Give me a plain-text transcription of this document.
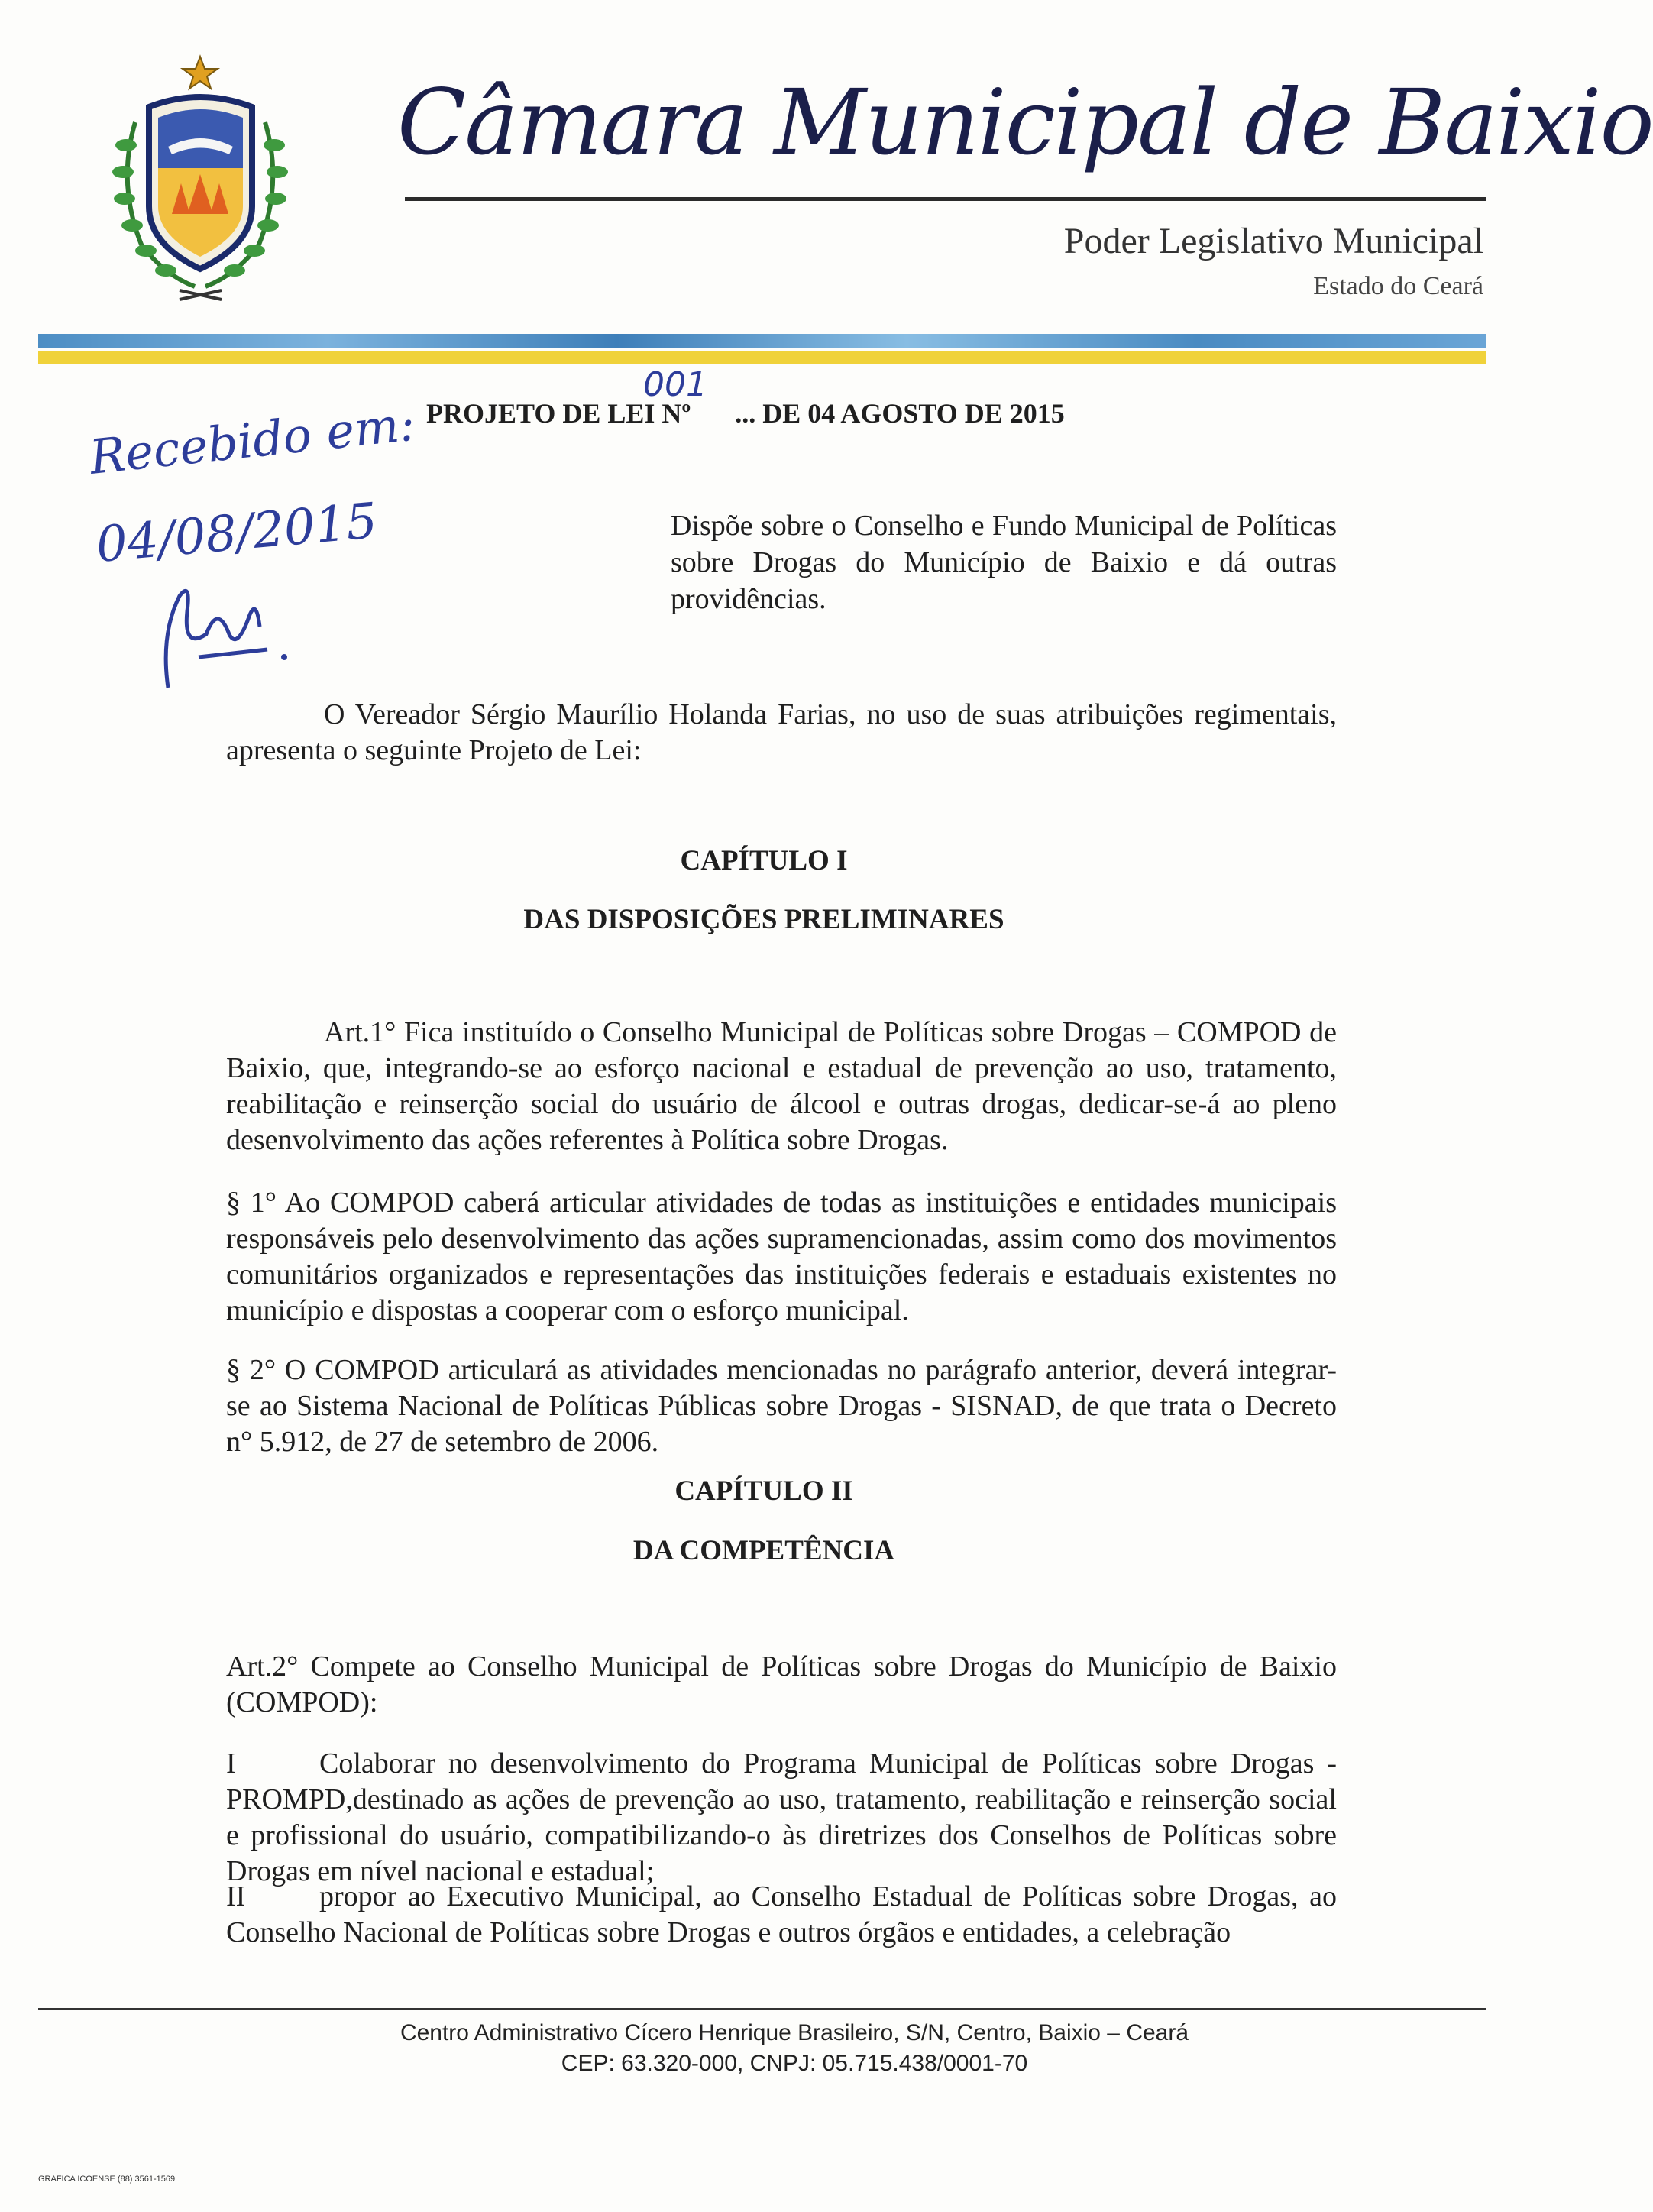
Câmara Municipal de Baixio
Poder Legislativo Municipal
Estado do Ceará
PROJETO DE LEI Nº ... DE 04 AGOSTO DE 2015
001
Recebido em:
04/08/2015	Dispõe sobre o Conselho e Fundo Municipal de Políticas sobre Drogas do Município de Baixio e dá outras providências.
O Vereador Sérgio Maurílio Holanda Farias, no uso de suas atribuições regimentais, apresenta o seguinte Projeto de Lei:
CAPÍTULO I
DAS DISPOSIÇÕES PRELIMINARES
Art.1° Fica instituído o Conselho Municipal de Políticas sobre Drogas – COMPOD de Baixio, que, integrando-se ao esforço nacional e estadual de prevenção ao uso, tratamento, reabilitação e reinserção social do usuário de álcool e outras drogas, dedicar-se-á ao pleno desenvolvimento das ações referentes à Política sobre Drogas.
§ 1° Ao COMPOD caberá articular atividades de todas as instituições e entidades municipais responsáveis pelo desenvolvimento das ações supramencionadas, assim como dos movimentos comunitários organizados e representações das instituições federais e estaduais existentes no município e dispostas a cooperar com o esforço municipal.
§ 2° O COMPOD articulará as atividades mencionadas no parágrafo anterior, deverá integrar-se ao Sistema Nacional de Políticas Públicas sobre Drogas - SISNAD, de que trata o Decreto n° 5.912, de 27 de setembro de 2006.
CAPÍTULO II
DA COMPETÊNCIA
Art.2° Compete ao Conselho Municipal de Políticas sobre Drogas do Município de Baixio (COMPOD):
I	Colaborar no desenvolvimento do Programa Municipal de Políticas sobre Drogas - PROMPD,destinado as ações de prevenção ao uso, tratamento, reabilitação e reinserção social e profissional do usuário, compatibilizando-o às diretrizes dos Conselhos de Políticas sobre Drogas em nível nacional e estadual;
II	propor ao Executivo Municipal, ao Conselho Estadual de Políticas sobre Drogas, ao Conselho Nacional de Políticas sobre Drogas e outros órgãos e entidades, a celebração
Centro Administrativo Cícero Henrique Brasileiro, S/N, Centro, Baixio – Ceará
CEP: 63.320-000, CNPJ: 05.715.438/0001-70
GRAFICA ICOENSE (88) 3561-1569
